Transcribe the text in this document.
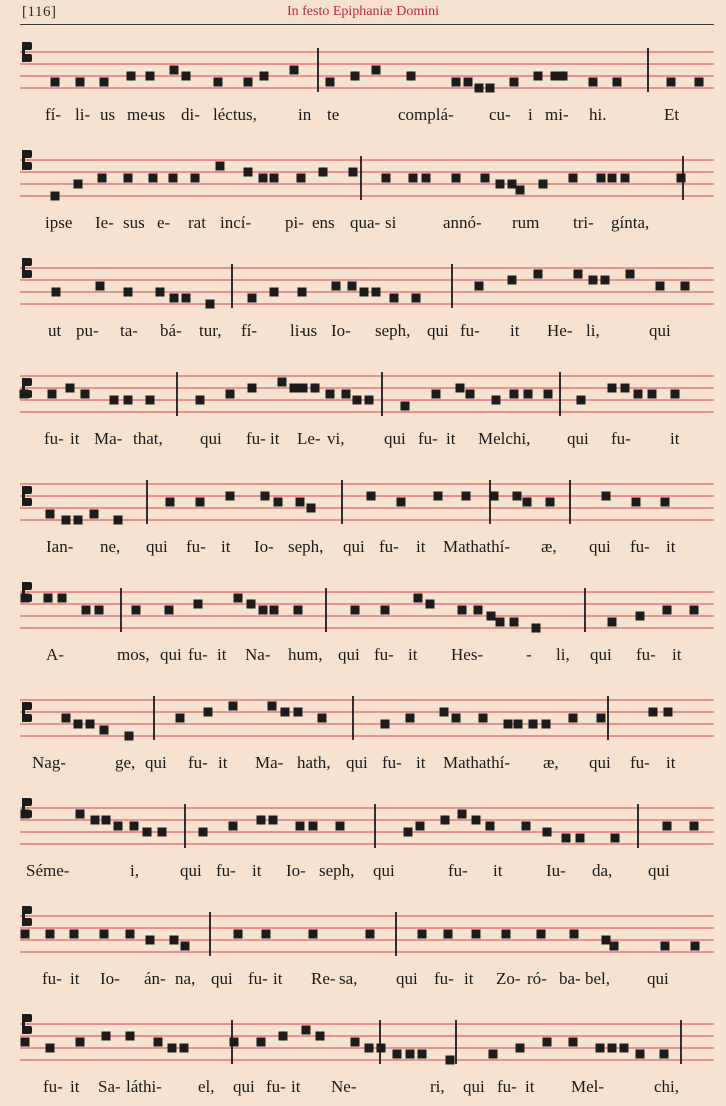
[116]	In festo Epiphaniæ Domini
fí- li- us me-
us di- léctus, in te	complá- cu- i mi- hi.	Et
ipse Ie- sus e- rat incí- pi- ens qua- si	annó- rum tri- gínta,
ut pu- ta- bá- tur, fí- li-
us Io- seph, qui fu- it He- li,	qui
fu- it Ma- that, qui fu- it Le- vi, qui fu- it Melchi, qui fu- it
Ian- ne, qui fu- it Io- seph, qui fu- it Mathathí- æ, qui fu- it
A-	mos, qui fu- it Na- hum, qui fu- it Hes-	- li, qui fu- it
Nag-	ge, qui fu- it Ma- hath, qui fu- it Mathathí- æ, qui fu- it
Séme-	i, qui fu- it Io- seph, qui	fu- it	Iu- da, qui
fu- it Io- án- na, qui fu- it Re- sa, qui fu- it Zo- ró- ba- bel, qui
fu- it Sa- láthi- el, qui fu- it Ne-	ri, qui fu- it Mel-	chi,
